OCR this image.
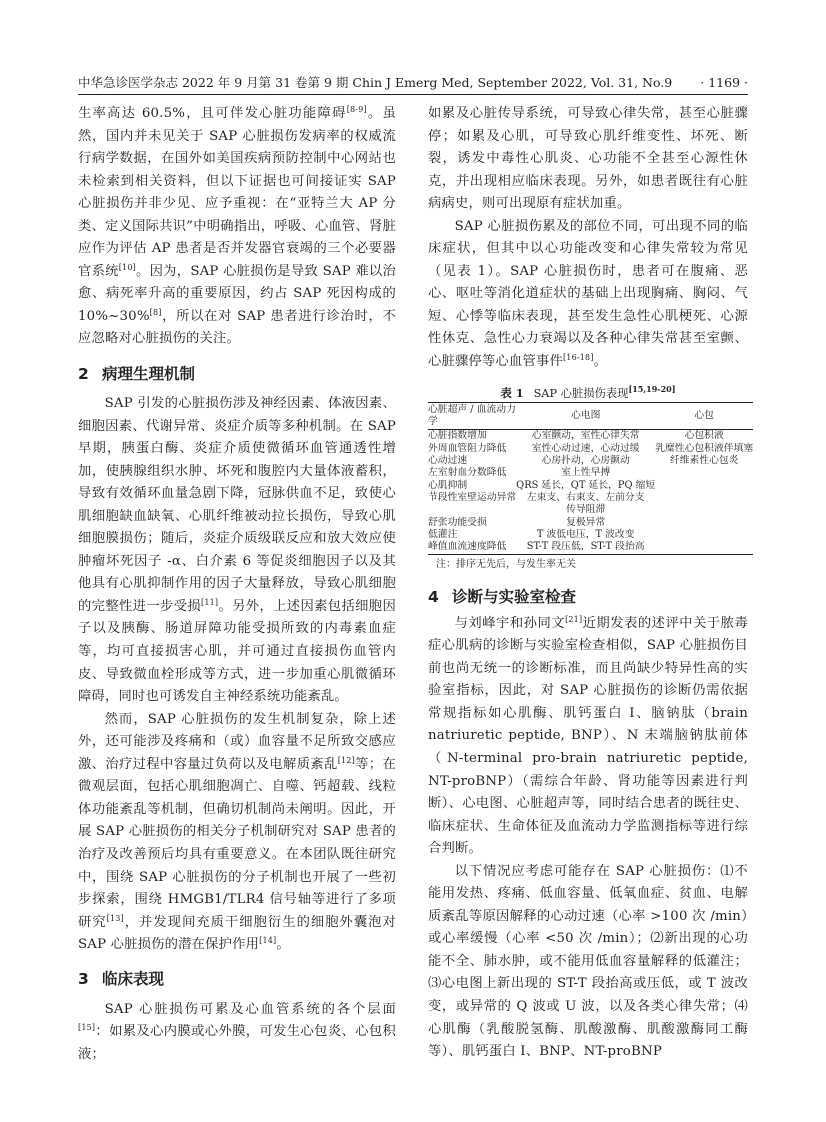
中华急诊医学杂志 2022 年 9 月第 31 卷第 9 期 Chin J Emerg Med, September 2022, Vol. 31, No.9 · 1169 ·

生率高达 60.5%，且可伴发心脏功能障碍[8-9]。虽然，国内并未见关于 SAP 心脏损伤发病率的权威流行病学数据，在国外如美国疾病预防控制中心网站也未检索到相关资料，但以下证据也可间接证实 SAP 心脏损伤并非少见、应予重视：在“亚特兰大 AP 分类、定义国际共识”中明确指出，呼吸、心血管、肾脏应作为评估 AP 患者是否并发器官衰竭的三个必要器官系统[10]。因为，SAP 心脏损伤是导致 SAP 难以治愈、病死率升高的重要原因，约占 SAP 死因构成的 10%~30%[8]，所以在对 SAP 患者进行诊治时，不应忽略对心脏损伤的关注。

2 病理生理机制

SAP 引发的心脏损伤涉及神经因素、体液因素、细胞因素、代谢异常、炎症介质等多种机制。在 SAP 早期，胰蛋白酶、炎症介质使微循环血管通透性增加，使胰腺组织水肿、坏死和腹腔内大量体液蓄积，导致有效循环血量急剧下降，冠脉供血不足，致使心肌细胞缺血缺氧、心肌纤维被动拉长损伤，导致心肌细胞膜损伤；随后，炎症介质级联反应和放大效应使肿瘤坏死因子 -α、白介素 6 等促炎细胞因子以及其他具有心肌抑制作用的因子大量释放，导致心肌细胞的完整性进一步受损[11]。另外，上述因素包括细胞因子以及胰酶、肠道屏障功能受损所致的内毒素血症等，均可直接损害心肌，并可通过直接损伤血管内皮、导致微血栓形成等方式，进一步加重心肌微循环障碍，同时也可诱发自主神经系统功能紊乱。

然而，SAP 心脏损伤的发生机制复杂，除上述外，还可能涉及疼痛和（或）血容量不足所致交感应激、治疗过程中容量过负荷以及电解质紊乱[12]等；在微观层面，包括心肌细胞凋亡、自噬、钙超载、线粒体功能紊乱等机制，但确切机制尚未阐明。因此，开展 SAP 心脏损伤的相关分子机制研究对 SAP 患者的治疗及改善预后均具有重要意义。在本团队既往研究中，围绕 SAP 心脏损伤的分子机制也开展了一些初步探索，围绕 HMGB1/TLR4 信号轴等进行了多项研究[13]，并发现间充质干细胞衍生的细胞外囊泡对 SAP 心脏损伤的潜在保护作用[14]。

3 临床表现

SAP 心脏损伤可累及心血管系统的各个层面[15]：如累及心内膜或心外膜，可发生心包炎、心包积液；

如累及心脏传导系统，可导致心律失常，甚至心脏骤停；如累及心肌，可导致心肌纤维变性、坏死、断裂，诱发中毒性心肌炎、心功能不全甚至心源性休克，并出现相应临床表现。另外，如患者既往有心脏病病史，则可出现原有症状加重。

SAP 心脏损伤累及的部位不同，可出现不同的临床症状，但其中以心功能改变和心律失常较为常见（见表 1）。SAP 心脏损伤时，患者可在腹痛、恶心、呕吐等消化道症状的基础上出现胸痛、胸闷、气短、心悸等临床表现，甚至发生急性心肌梗死、心源性休克、急性心力衰竭以及各种心律失常甚至室颤、心脏骤停等心血管事件[16-18]。

表 1 SAP 心脏损伤表现[15,19-20]
心脏超声 / 血流动力学	心电图	心包
心脏指数增加	心室颤动，室性心律失常	心包积液
外周血管阻力降低	室性心动过速，心动过缓	乳糜性心包积液伴填塞
心动过速	心房扑动，心房颤动	纤维素性心包炎
左室射血分数降低	室上性早搏	
心肌抑制	QRS 延长，QT 延长，PQ 缩短	
节段性室壁运动异常	左束支、右束支、左前分支	
	传导阻滞	
舒张功能受损	复极异常	
低灌注	T 波低电压，T 波改变	
峰值血流速度降低	ST-T 段压低，ST-T 段抬高	
注：排序无先后，与发生率无关
4 诊断与实验室检查

与刘峰宇和孙同文[21]近期发表的述评中关于脓毒症心肌病的诊断与实验室检查相似，SAP 心脏损伤目前也尚无统一的诊断标准，而且尚缺少特异性高的实验室指标，因此，对 SAP 心脏损伤的诊断仍需依据常规指标如心肌酶、肌钙蛋白 I、脑钠肽（brain natriuretic peptide, BNP）、N 末端脑钠肽前体（N-terminal pro-brain natriuretic peptide, NT-proBNP）（需综合年龄、肾功能等因素进行判断）、心电图、心脏超声等，同时结合患者的既往史、临床症状、生命体征及血流动力学监测指标等进行综合判断。

以下情况应考虑可能存在 SAP 心脏损伤：⑴不能用发热、疼痛、低血容量、低氧血症、贫血、电解质紊乱等原因解释的心动过速（心率 >100 次 /min）或心率缓慢（心率 <50 次 /min）；⑵新出现的心功能不全、肺水肿，或不能用低血容量解释的低灌注；⑶心电图上新出现的 ST-T 段抬高或压低，或 T 波改变，或异常的 Q 波或 U 波，以及各类心律失常；⑷心肌酶（乳酸脱氢酶、肌酸激酶、肌酸激酶同工酶等）、肌钙蛋白 I、BNP、NT-proBNP
